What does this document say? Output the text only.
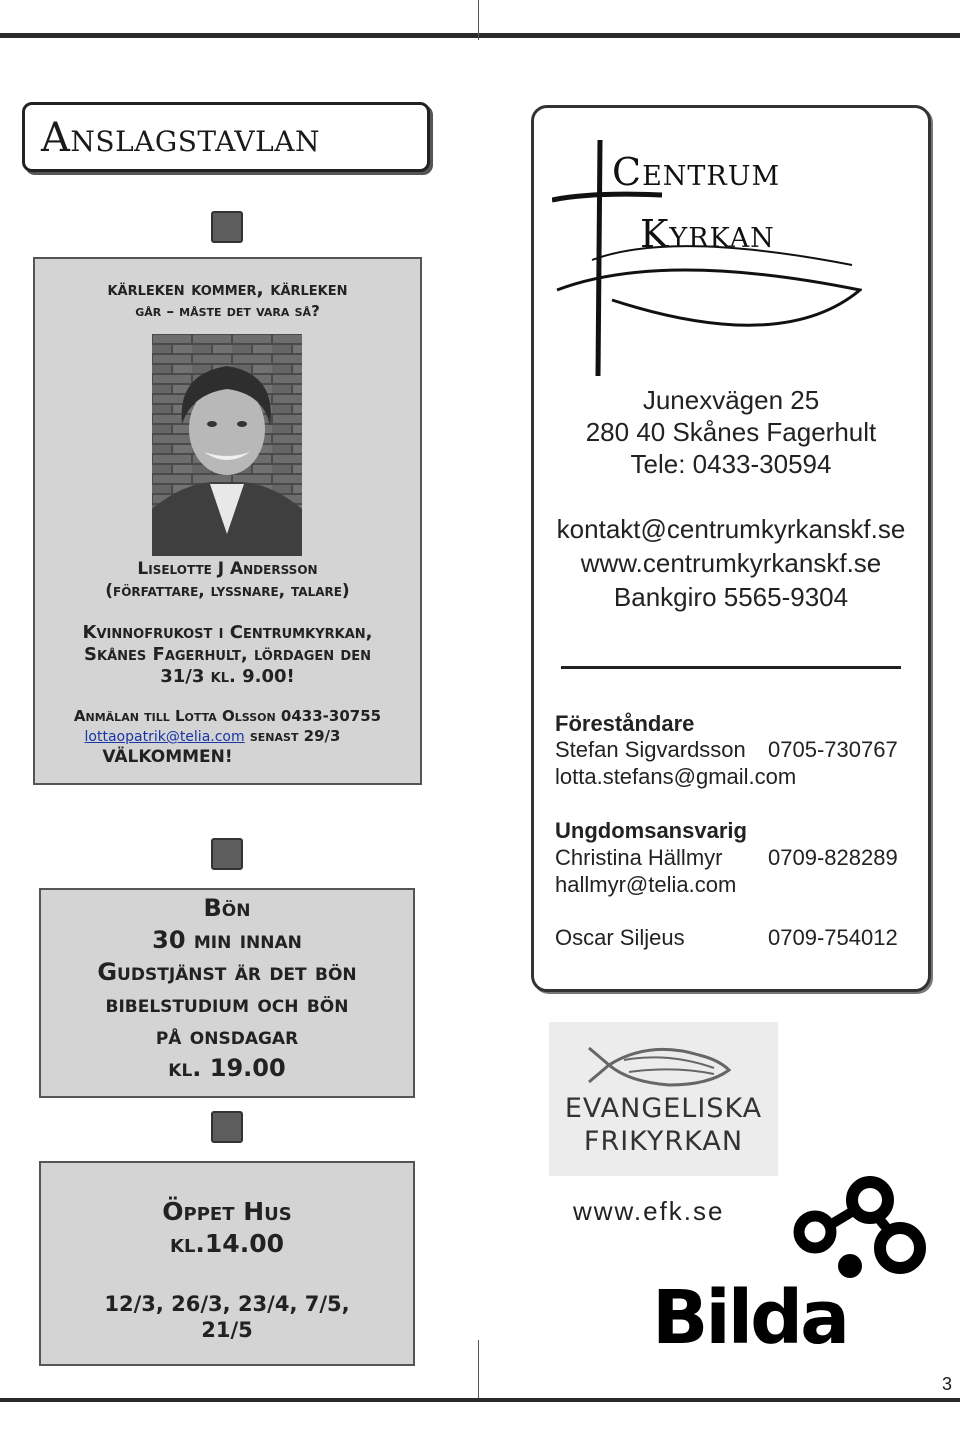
3
Anslagstavlan
kärleken kommer, kärleken
går – måste det vara så?
Liselotte J Andersson
(författare, lyssnare, talare)
Kvinnofrukost i Centrumkyrkan,
Skånes Fagerhult, lördagen den
31/3 kl. 9.00!
Anmälan till Lotta Olsson 0433-30755
lottaopatrik@telia.com senast 29/3
VÄLKOMMEN!
Bön
30 min innan
Gudstjänst är det bön
bibelstudium och bön
på onsdagar
kl. 19.00
Öppet Hus
kl.14.00
12/3, 26/3, 23/4, 7/5,
21/5
Centrum
Kyrkan
Junexvägen 25
280 40 Skånes Fagerhult
Tele: 0433-30594
kontakt@centrumkyrkanskf.se
www.centrumkyrkanskf.se
Bankgiro 5565-9304
Föreståndare
Stefan Sigvardsson 0705-730767
lotta.stefans@gmail.com
Ungdomsansvarig
Christina Hällmyr 0709-828289
hallmyr@telia.com
Oscar Siljeus	0709-754012
EVANGELISKA
FRIKYRKAN
www.efk.se
Bilda
